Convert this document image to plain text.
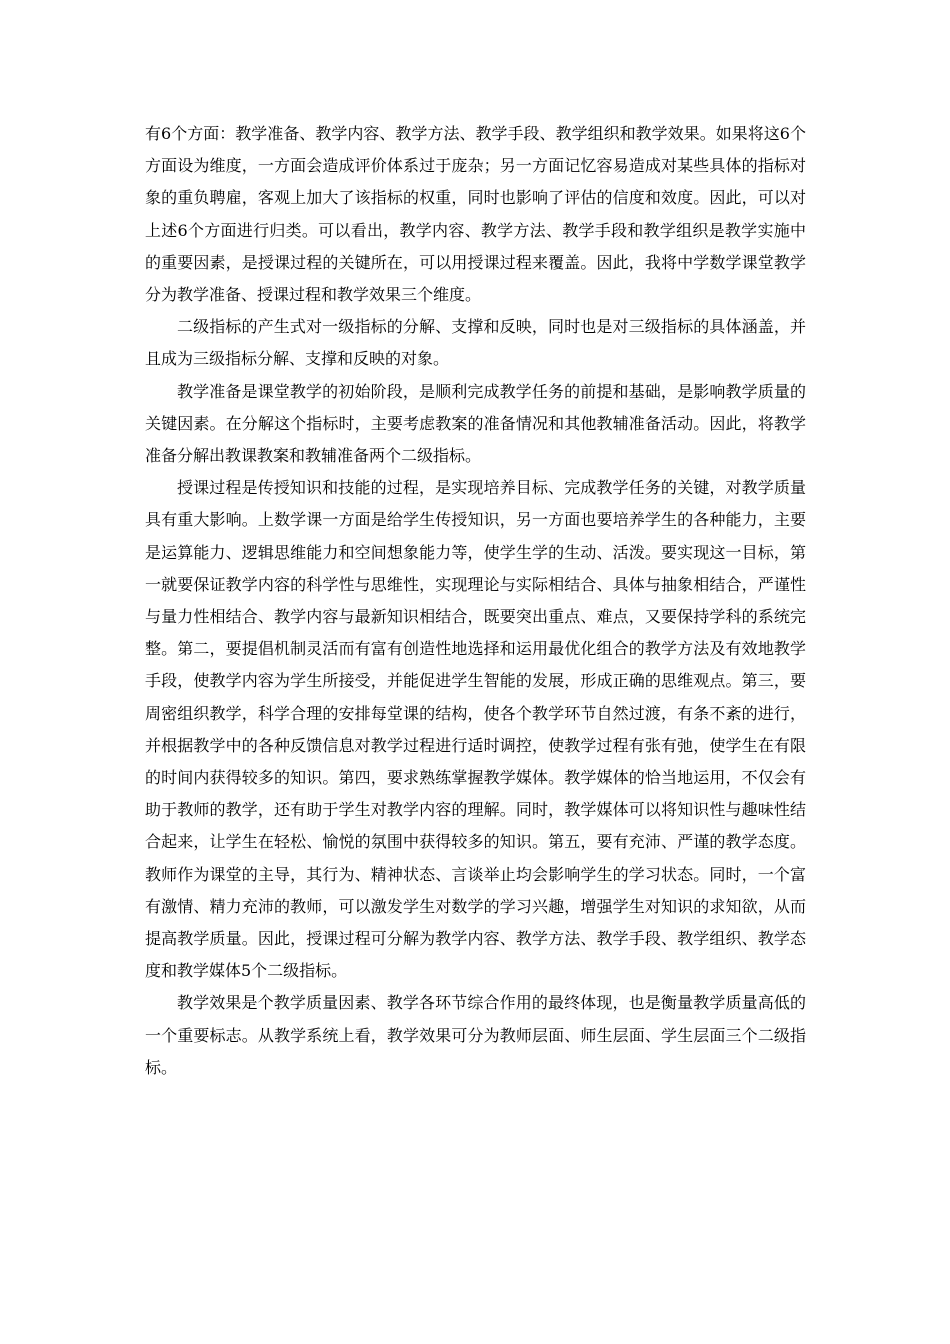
有6个方面：教学准备、教学内容、教学方法、教学手段、教学组织和教学效果。如果将这6个方面设为维度，一方面会造成评价体系过于庞杂；另一方面记忆容易造成对某些具体的指标对象的重负聘雇，客观上加大了该指标的权重，同时也影响了评估的信度和效度。因此，可以对上述6个方面进行归类。可以看出，教学内容、教学方法、教学手段和教学组织是教学实施中的重要因素，是授课过程的关键所在，可以用授课过程来覆盖。因此，我将中学数学课堂教学分为教学准备、授课过程和教学效果三个维度。

二级指标的产生式对一级指标的分解、支撑和反映，同时也是对三级指标的具体涵盖，并且成为三级指标分解、支撑和反映的对象。

教学准备是课堂教学的初始阶段，是顺利完成教学任务的前提和基础，是影响教学质量的关键因素。在分解这个指标时，主要考虑教案的准备情况和其他教辅准备活动。因此，将教学准备分解出教课教案和教辅准备两个二级指标。

授课过程是传授知识和技能的过程，是实现培养目标、完成教学任务的关键，对教学质量具有重大影响。上数学课一方面是给学生传授知识，另一方面也要培养学生的各种能力，主要是运算能力、逻辑思维能力和空间想象能力等，使学生学的生动、活泼。要实现这一目标，第一就要保证教学内容的科学性与思维性，实现理论与实际相结合、具体与抽象相结合，严谨性与量力性相结合、教学内容与最新知识相结合，既要突出重点、难点，又要保持学科的系统完整。第二，要提倡机制灵活而有富有创造性地选择和运用最优化组合的教学方法及有效地教学手段，使教学内容为学生所接受，并能促进学生智能的发展，形成正确的思维观点。第三，要周密组织教学，科学合理的安排每堂课的结构，使各个教学环节自然过渡，有条不紊的进行，并根据教学中的各种反馈信息对教学过程进行适时调控，使教学过程有张有弛，使学生在有限的时间内获得较多的知识。第四，要求熟练掌握教学媒体。教学媒体的恰当地运用，不仅会有助于教师的教学，还有助于学生对教学内容的理解。同时，教学媒体可以将知识性与趣味性结合起来，让学生在轻松、愉悦的氛围中获得较多的知识。第五，要有充沛、严谨的教学态度。教师作为课堂的主导，其行为、精神状态、言谈举止均会影响学生的学习状态。同时，一个富有激情、精力充沛的教师，可以激发学生对数学的学习兴趣，增强学生对知识的求知欲，从而提高教学质量。因此，授课过程可分解为教学内容、教学方法、教学手段、教学组织、教学态度和教学媒体5个二级指标。

教学效果是个教学质量因素、教学各环节综合作用的最终体现，也是衡量教学质量高低的一个重要标志。从教学系统上看，教学效果可分为教师层面、师生层面、学生层面三个二级指标。
